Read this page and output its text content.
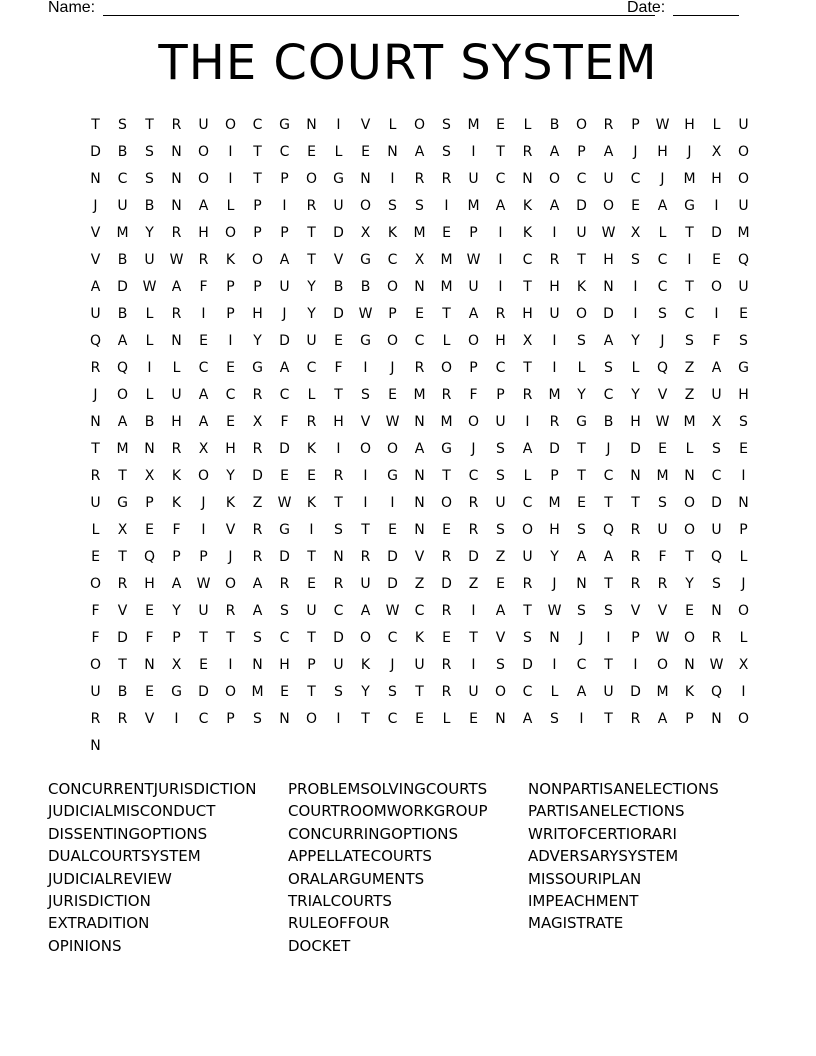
Name:	Date:
THE COURT SYSTEM
T	S	T	R	U	O	C	G	N	I	V	L	O	S	M	E	L	B	O	R	P	W	H	L	U
D	B	S	N	O	I	T	C	E	L	E	N	A	S	I	T	R	A	P	A	J	H	J	X	O
N	C	S	N	O	I	T	P	O	G	N	I	R	R	U	C	N	O	C	U	C	J	M	H	O
J	U	B	N	A	L	P	I	R	U	O	S	S	I	M	A	K	A	D	O	E	A	G	I	U
V	M	Y	R	H	O	P	P	T	D	X	K	M	E	P	I	K	I	U	W	X	L	T	D	M
V	B	U	W	R	K	O	A	T	V	G	C	X	M	W	I	C	R	T	H	S	C	I	E	Q
A	D	W	A	F	P	P	U	Y	B	B	O	N	M	U	I	T	H	K	N	I	C	T	O	U
U	B	L	R	I	P	H	J	Y	D	W	P	E	T	A	R	H	U	O	D	I	S	C	I	E
Q	A	L	N	E	I	Y	D	U	E	G	O	C	L	O	H	X	I	S	A	Y	J	S	F	S
R	Q	I	L	C	E	G	A	C	F	I	J	R	O	P	C	T	I	L	S	L	Q	Z	A	G
J	O	L	U	A	C	R	C	L	T	S	E	M	R	F	P	R	M	Y	C	Y	V	Z	U	H
N	A	B	H	A	E	X	F	R	H	V	W	N	M	O	U	I	R	G	B	H	W	M	X	S
T	M	N	R	X	H	R	D	K	I	O	O	A	G	J	S	A	D	T	J	D	E	L	S	E
R	T	X	K	O	Y	D	E	E	R	I	G	N	T	C	S	L	P	T	C	N	M	N	C	I
U	G	P	K	J	K	Z	W	K	T	I	I	N	O	R	U	C	M	E	T	T	S	O	D	N
L	X	E	F	I	V	R	G	I	S	T	E	N	E	R	S	O	H	S	Q	R	U	O	U	P
E	T	Q	P	P	J	R	D	T	N	R	D	V	R	D	Z	U	Y	A	A	R	F	T	Q	L
O	R	H	A	W	O	A	R	E	R	U	D	Z	D	Z	E	R	J	N	T	R	R	Y	S	J
F	V	E	Y	U	R	A	S	U	C	A	W	C	R	I	A	T	W	S	S	V	V	E	N	O
F	D	F	P	T	T	S	C	T	D	O	C	K	E	T	V	S	N	J	I	P	W	O	R	L
O	T	N	X	E	I	N	H	P	U	K	J	U	R	I	S	D	I	C	T	I	O	N	W	X
U	B	E	G	D	O	M	E	T	S	Y	S	T	R	U	O	C	L	A	U	D	M	K	Q	I
R	R	V	I	C	P	S	N	O	I	T	C	E	L	E	N	A	S	I	T	R	A	P	N	O
N
CONCURRENTJURISDICTION
JUDICIALMISCONDUCT
DISSENTINGOPTIONS
DUALCOURTSYSTEM
JUDICIALREVIEW
JURISDICTION
EXTRADITION
OPINIONS
PROBLEMSOLVINGCOURTS
COURTROOMWORKGROUP
CONCURRINGOPTIONS
APPELLATECOURTS
ORALARGUMENTS
TRIALCOURTS
RULEOFFOUR
DOCKET
NONPARTISANELECTIONS
PARTISANELECTIONS
WRITOFCERTIORARI
ADVERSARYSYSTEM
MISSOURIPLAN
IMPEACHMENT
MAGISTRATE
